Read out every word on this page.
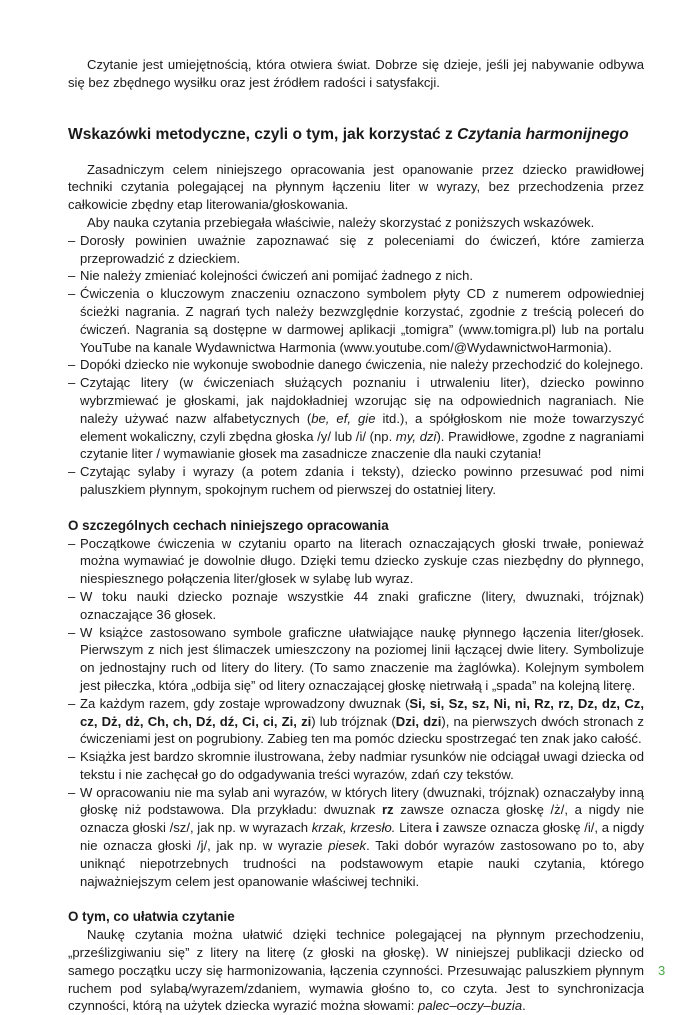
Czytanie jest umiejętnością, która otwiera świat. Dobrze się dzieje, jeśli jej nabywanie odbywa się bez zbędnego wysiłku oraz jest źródłem radości i satysfakcji.

Wskazówki metodyczne, czyli o tym, jak korzystać z Czytania harmonijnego

Zasadniczym celem niniejszego opracowania jest opanowanie przez dziecko prawidłowej techniki czytania polegającej na płynnym łączeniu liter w wyrazy, bez przechodzenia przez całkowicie zbędny etap literowania/głoskowania.

Aby nauka czytania przebiegała właściwie, należy skorzystać z poniższych wskazówek.

– Dorosły powinien uważnie zapoznawać się z poleceniami do ćwiczeń, które zamierza przeprowadzić z dzieckiem.
– Nie należy zmieniać kolejności ćwiczeń ani pomijać żadnego z nich.
– Ćwiczenia o kluczowym znaczeniu oznaczono symbolem płyty CD z numerem odpowiedniej ścieżki nagrania. Z nagrań tych należy bezwzględnie korzystać, zgodnie z treścią poleceń do ćwiczeń. Nagrania są dostępne w darmowej aplikacji „tomigra” (www.tomigra.pl) lub na portalu YouTube na kanale Wydawnictwa Harmonia (www.youtube.com/@WydawnictwoHarmonia).
– Dopóki dziecko nie wykonuje swobodnie danego ćwiczenia, nie należy przechodzić do kolejnego.
– Czytając litery (w ćwiczeniach służących poznaniu i utrwaleniu liter), dziecko powinno wybrzmiewać je głoskami, jak najdokładniej wzorując się na odpowiednich nagraniach. Nie należy używać nazw alfabetycznych (be, ef, gie itd.), a spółgłoskom nie może towarzyszyć element wokaliczny, czyli zbędna głoska /y/ lub /i/ (np. my, dzi). Prawidłowe, zgodne z nagraniami czytanie liter / wymawianie głosek ma zasadnicze znaczenie dla nauki czytania!
– Czytając sylaby i wyrazy (a potem zdania i teksty), dziecko powinno przesuwać pod nimi paluszkiem płynnym, spokojnym ruchem od pierwszej do ostatniej litery.
O szczególnych cechach niniejszego opracowania
– Początkowe ćwiczenia w czytaniu oparto na literach oznaczających głoski trwałe, ponieważ można wymawiać je dowolnie długo. Dzięki temu dziecko zyskuje czas niezbędny do płynnego, niespiesznego połączenia liter/głosek w sylabę lub wyraz.
– W toku nauki dziecko poznaje wszystkie 44 znaki graficzne (litery, dwuznaki, trójznak) oznaczające 36 głosek.
– W książce zastosowano symbole graficzne ułatwiające naukę płynnego łączenia liter/głosek. Pierwszym z nich jest ślimaczek umieszczony na poziomej linii łączącej dwie litery. Symbolizuje on jednostajny ruch od litery do litery. (To samo znaczenie ma żaglówka). Kolejnym symbolem jest piłeczka, która „odbija się” od litery oznaczającej głoskę nietrwałą i „spada” na kolejną literę.
– Za każdym razem, gdy zostaje wprowadzony dwuznak (Si, si, Sz, sz, Ni, ni, Rz, rz, Dz, dz, Cz, cz, Dż, dż, Ch, ch, Dź, dź, Ci, ci, Zi, zi) lub trójznak (Dzi, dzi), na pierwszych dwóch stronach z ćwiczeniami jest on pogrubiony. Zabieg ten ma pomóc dziecku spostrzegać ten znak jako całość.
– Książka jest bardzo skromnie ilustrowana, żeby nadmiar rysunków nie odciągał uwagi dziecka od tekstu i nie zachęcał go do odgadywania treści wyrazów, zdań czy tekstów.
– W opracowaniu nie ma sylab ani wyrazów, w których litery (dwuznaki, trójznak) oznaczałyby inną głoskę niż podstawowa. Dla przykładu: dwuznak rz zawsze oznacza głoskę /ż/, a nigdy nie oznacza głoski /sz/, jak np. w wyrazach krzak, krzesło. Litera i zawsze oznacza głoskę /i/, a nigdy nie oznacza głoski /j/, jak np. w wyrazie piesek. Taki dobór wyrazów zastosowano po to, aby uniknąć niepotrzebnych trudności na podstawowym etapie nauki czytania, którego najważniejszym celem jest opanowanie właściwej techniki.
O tym, co ułatwia czytanie

Naukę czytania można ułatwić dzięki technice polegającej na płynnym przechodzeniu, „prześlizgiwaniu się” z litery na literę (z głoski na głoskę). W niniejszej publikacji dziecko od samego początku uczy się harmonizowania, łączenia czynności. Przesuwając paluszkiem płynnym ruchem pod sylabą/wyrazem/zdaniem, wymawia głośno to, co czyta. Jest to synchronizacja czynności, którą na użytek dziecka wyrazić można słowami: palec–oczy–buzia.

3
